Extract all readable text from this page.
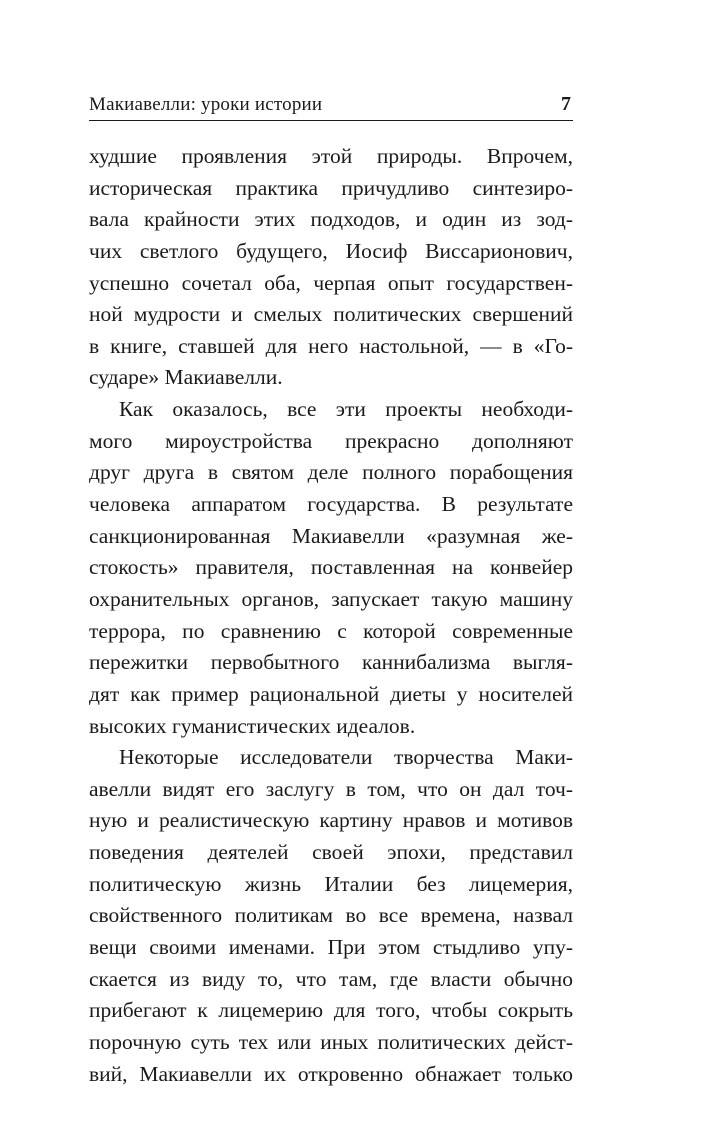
Макиавелли: уроки истории	7
худшие проявления этой природы. Впрочем,
историческая практика причудливо синтезиро-
вала крайности этих подходов, и один из зод-
чих светлого будущего, Иосиф Виссарионович,
успешно сочетал оба, черпая опыт государствен-
ной мудрости и смелых политических свершений
в книге, ставшей для него настольной, — в «Го-
сударе» Макиавелли.
Как оказалось, все эти проекты необходи-
мого мироустройства прекрасно дополняют
друг друга в святом деле полного порабощения
человека аппаратом государства. В результате
санкционированная Макиавелли «разумная же-
стокость» правителя, поставленная на конвейер
охранительных органов, запускает такую машину
террора, по сравнению с которой современные
пережитки первобытного каннибализма выгля-
дят как пример рациональной диеты у носителей
высоких гуманистических идеалов.
Некоторые исследователи творчества Маки-
авелли видят его заслугу в том, что он дал точ-
ную и реалистическую картину нравов и мотивов
поведения деятелей своей эпохи, представил
политическую жизнь Италии без лицемерия,
свойственного политикам во все времена, назвал
вещи своими именами. При этом стыдливо упу-
скается из виду то, что там, где власти обычно
прибегают к лицемерию для того, чтобы сокрыть
порочную суть тех или иных политических дейст-
вий, Макиавелли их откровенно обнажает только
